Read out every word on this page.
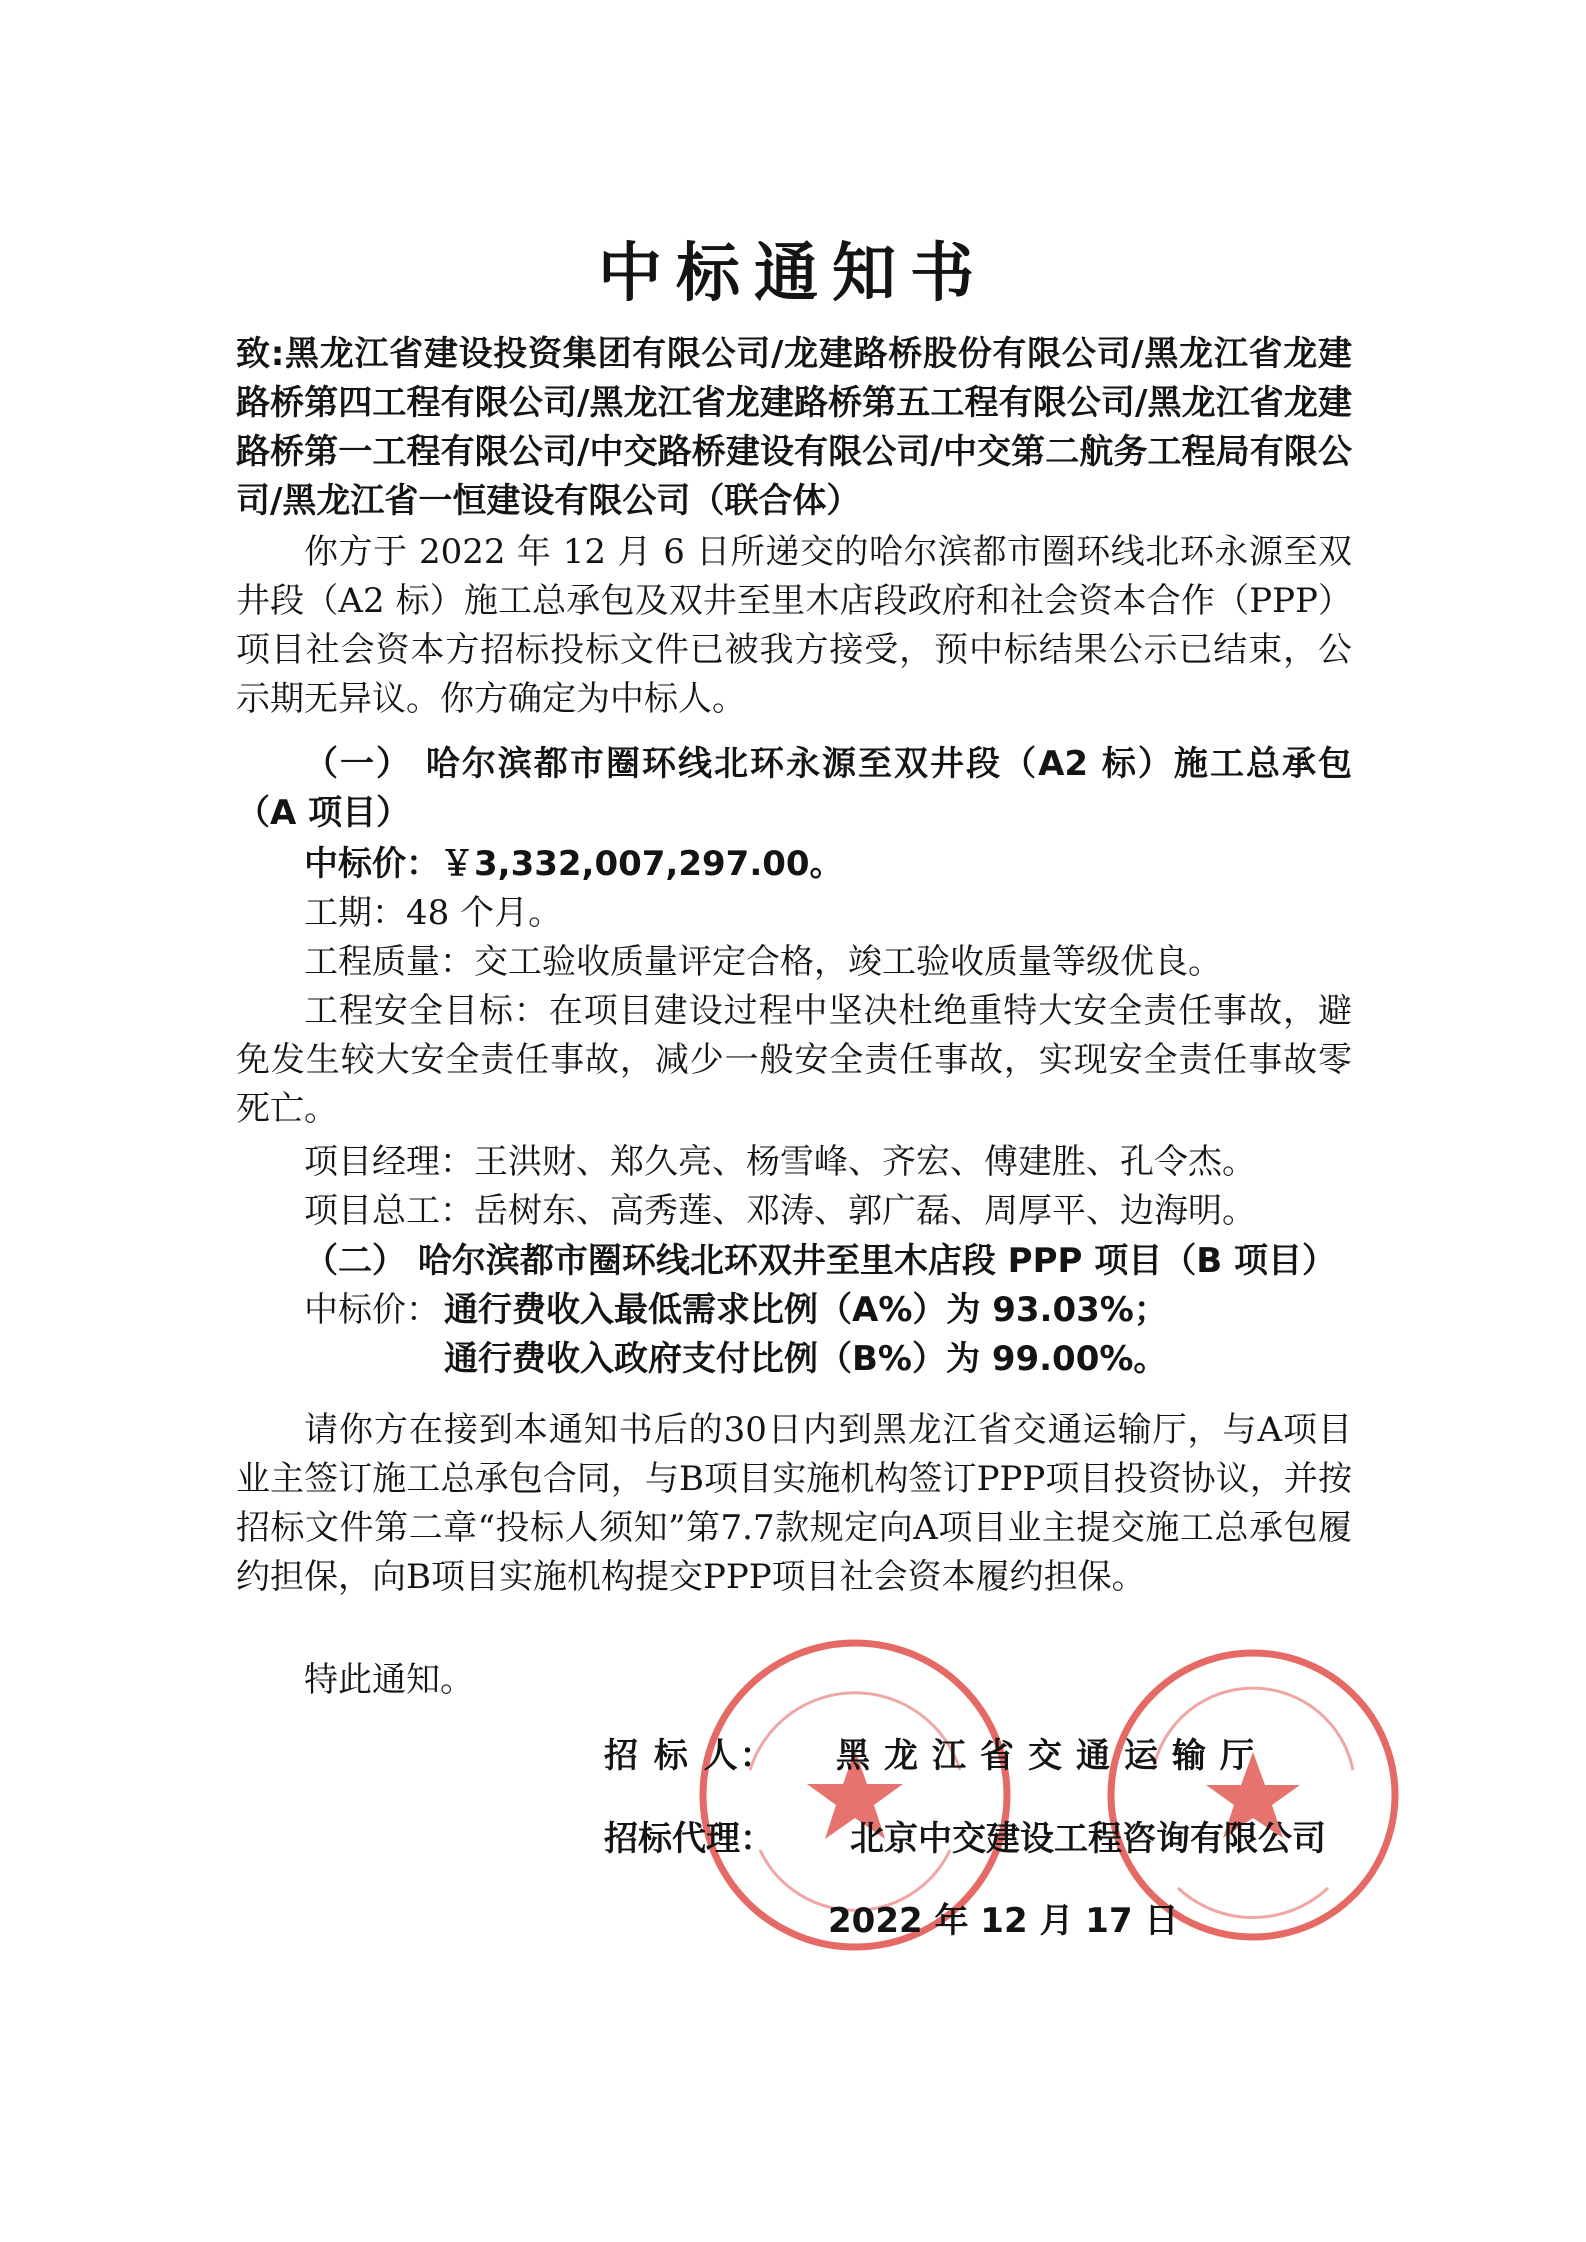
中标通知书
致:黑龙江省建设投资集团有限公司/龙建路桥股份有限公司/黑龙江省龙建路桥第四工程有限公司/黑龙江省龙建路桥第五工程有限公司/黑龙江省龙建路桥第一工程有限公司/中交路桥建设有限公司/中交第二航务工程局有限公司/黑龙江省一恒建设有限公司（联合体）
你方于 2022 年 12 月 6 日所递交的哈尔滨都市圈环线北环永源至双井段（A2 标）施工总承包及双井至里木店段政府和社会资本合作（PPP）项目社会资本方招标投标文件已被我方接受，预中标结果公示已结束，公示期无异议。你方确定为中标人。
（一） 哈尔滨都市圈环线北环永源至双井段（A2 标）施工总承包（A 项目）
中标价：￥3,332,007,297.00。
工期：48 个月。
工程质量：交工验收质量评定合格，竣工验收质量等级优良。
工程安全目标：在项目建设过程中坚决杜绝重特大安全责任事故，避免发生较大安全责任事故，减少一般安全责任事故，实现安全责任事故零死亡。
项目经理：王洪财、郑久亮、杨雪峰、齐宏、傅建胜、孔令杰。
项目总工：岳树东、高秀莲、邓涛、郭广磊、周厚平、边海明。
（二） 哈尔滨都市圈环线北环双井至里木店段 PPP 项目（B 项目）
中标价： 通行费收入最低需求比例（A%）为 93.03%；
通行费收入政府支付比例（B%）为 99.00%。
请你方在接到本通知书后的30日内到黑龙江省交通运输厅，与A项目业主签订施工总承包合同，与B项目实施机构签订PPP项目投资协议，并按招标文件第二章“投标人须知”第7.7款规定向A项目业主提交施工总承包履约担保，向B项目实施机构提交PPP项目社会资本履约担保。
特此通知。
招 标 人： 黑龙江省交通运输厅
招标代理： 北京中交建设工程咨询有限公司
2022 年 12 月 17 日
